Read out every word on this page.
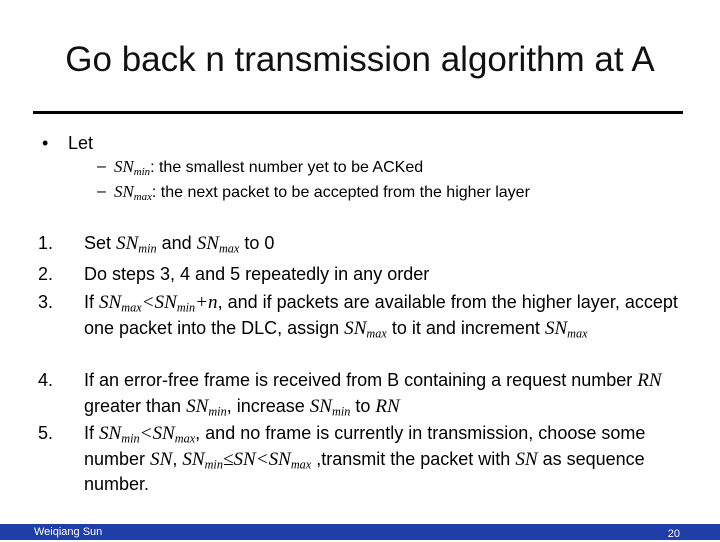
Go back n transmission algorithm at A
• Let
– $SN_{min}$: the smallest number yet to be ACKed
– $SN_{max}$: the next packet to be accepted from the higher layer
1. Set $SN_{min}$ and $SN_{max}$ to 0
2. Do steps 3, 4 and 5 repeatedly in any order
3. If $SN_{max}<SN_{min}+n$, and if packets are available from the higher layer, accept one packet into the DLC, assign $SN_{max}$ to it and increment $SN_{max}$
4. If an error-free frame is received from B containing a request number RN greater than $SN_{min}$, increase $SN_{min}$ to RN
5. If $SN_{min}<SN_{max}$, and no frame is currently in transmission, choose some number SN, $SN_{min}\le SN<SN_{max}$ ,transmit the packet with SN as sequence number.
Weiqiang Sun	20
